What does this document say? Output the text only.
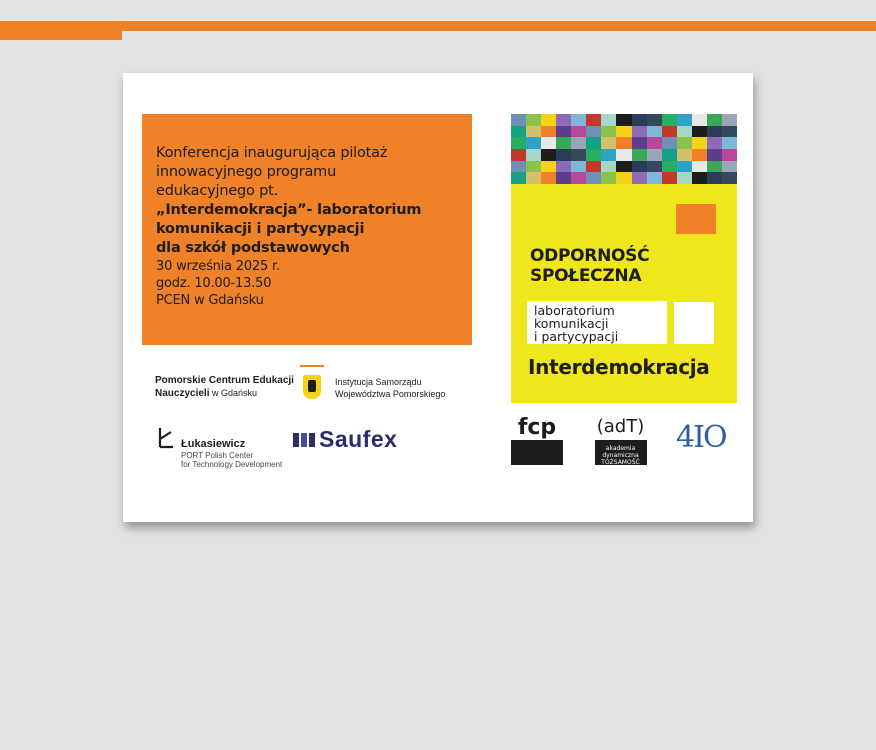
Konferencja inaugurująca pilotaż
innowacyjnego programu
edukacyjnego pt.
„Interdemokracja”- laboratorium
komunikacji i partycypacji
dla szkół podstawowych
30 września 2025 r.
godz. 10.00-13.50
PCEN w Gdańsku
Pomorskie Centrum Edukacji
Nauczycieli w Gdańsku
Instytucja Samorządu
Województwa Pomorskiego
Łukasiewicz
PORT Polish Center
for Technology Development
Saufex
ODPORNOŚĆ
SPOŁECZNA
laboratorium
komunikacji
i partycypacji
Interdemokracja
fcp	(adT)
akademia
dynamiczna
TOŻSAMOŚĆ
4IO
